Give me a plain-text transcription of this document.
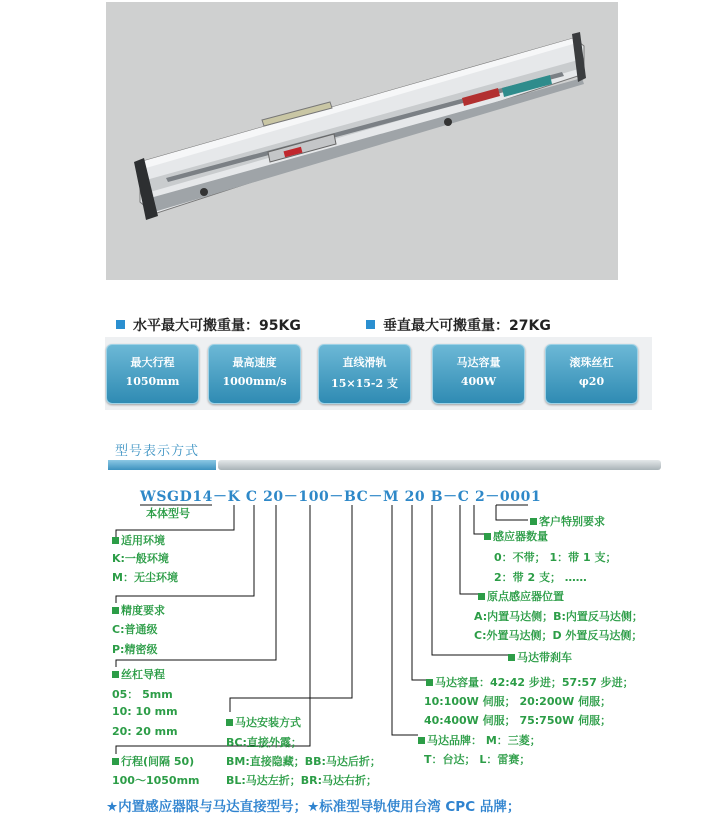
水平最大可搬重量：95KG	垂直最大可搬重量：27KG
最大行程
1050mm
最高速度
1000mm/s
直线滑轨
15×15-2 支
马达容量
400W
滚珠丝杠
φ20
型号表示方式
WSGD14－K C 20－100－BC－M 20 B－C 2－0001
本体型号
适用环境
K:一般环境
M：无尘环境
精度要求
C:普通级
P:精密级
丝杠导程
05： 5mm
10: 10 mm
20: 20 mm
行程(间隔 50)
100～1050mm
马达安装方式
BC:直接外露；
BM:直接隐藏；BB:马达后折；
BL:马达左折；BR:马达右折；
客户特别要求
感应器数量
0：不带； 1：带 1 支；
2：带 2 支； ……
原点感应器位置
A:内置马达侧；B:内置反马达侧；
C:外置马达侧；D 外置反马达侧；
马达带刹车
马达容量：42:42 步进；57:57 步进；
10:100W 伺服； 20:200W 伺服；
40:400W 伺服； 75:750W 伺服；
马达品牌： M：三菱；
T：台达； L：雷赛；
★内置感应器限与马达直接型号；★标准型导轨使用台湾 CPC 品牌；
